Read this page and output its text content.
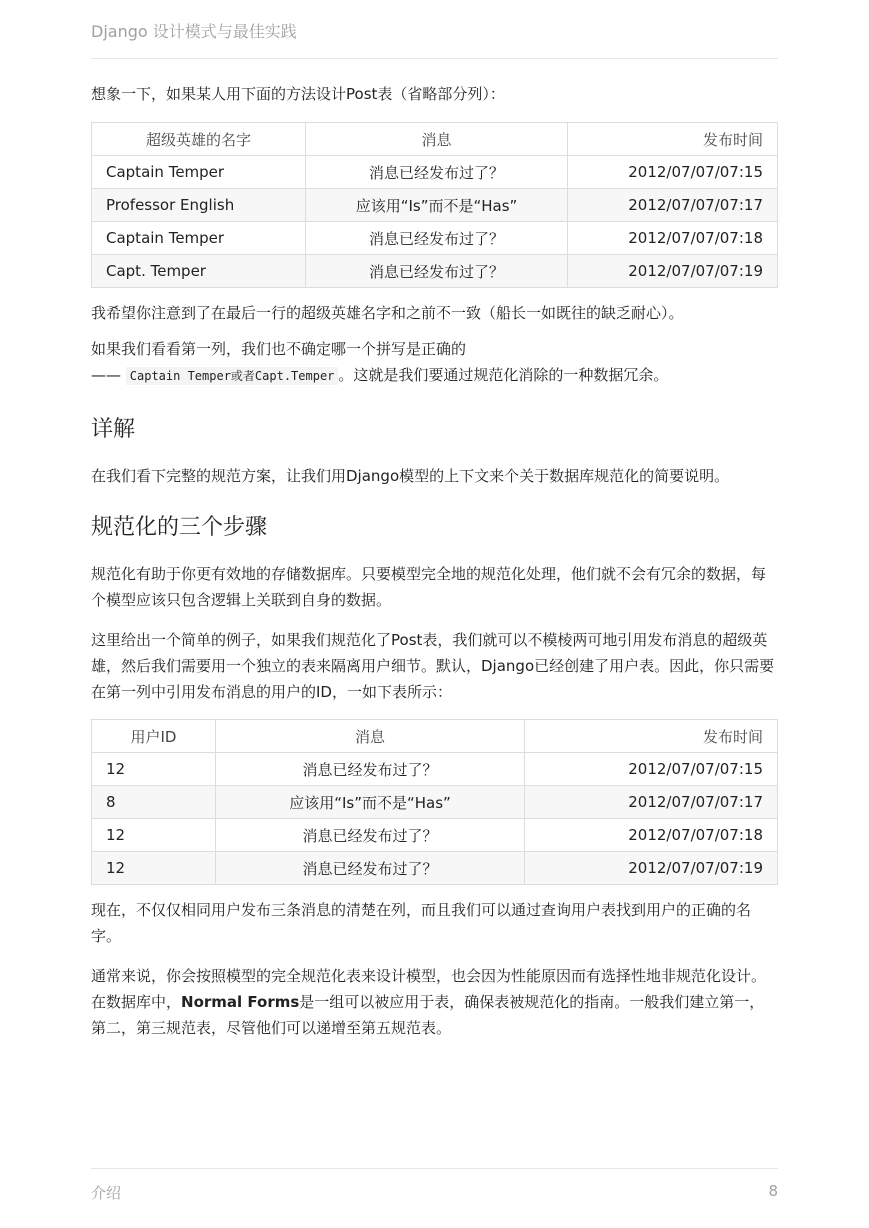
Django 设计模式与最佳实践

想象一下，如果某人用下面的方法设计Post表（省略部分列）：

超级英雄的名字	消息	发布时间
Captain Temper	消息已经发布过了？	2012/07/07/07:15
Professor English	应该用“Is”而不是“Has”	2012/07/07/07:17
Captain Temper	消息已经发布过了？	2012/07/07/07:18
Capt. Temper	消息已经发布过了？	2012/07/07/07:19

我希望你注意到了在最后一行的超级英雄名字和之前不一致（船长一如既往的缺乏耐心）。

如果我们看看第一列，我们也不确定哪一个拼写是正确的
—— Captain Temper或者Capt.Temper 。这就是我们要通过规范化消除的一种数据冗余。

详解

在我们看下完整的规范方案，让我们用Django模型的上下文来个关于数据库规范化的简要说明。

规范化的三个步骤

规范化有助于你更有效地的存储数据库。只要模型完全地的规范化处理，他们就不会有冗余的数据，每个模型应该只包含逻辑上关联到自身的数据。

这里给出一个简单的例子，如果我们规范化了Post表，我们就可以不模棱两可地引用发布消息的超级英雄，然后我们需要用一个独立的表来隔离用户细节。默认，Django已经创建了用户表。因此，你只需要在第一列中引用发布消息的用户的ID，一如下表所示：

用户ID	消息	发布时间
12	消息已经发布过了？	2012/07/07/07:15
8	应该用“Is”而不是“Has”	2012/07/07/07:17
12	消息已经发布过了？	2012/07/07/07:18
12	消息已经发布过了？	2012/07/07/07:19

现在，不仅仅相同用户发布三条消息的清楚在列，而且我们可以通过查询用户表找到用户的正确的名字。

通常来说，你会按照模型的完全规范化表来设计模型，也会因为性能原因而有选择性地非规范化设计。在数据库中，Normal Forms是一组可以被应用于表，确保表被规范化的指南。一般我们建立第一，第二，第三规范表，尽管他们可以递增至第五规范表。

介绍	8
